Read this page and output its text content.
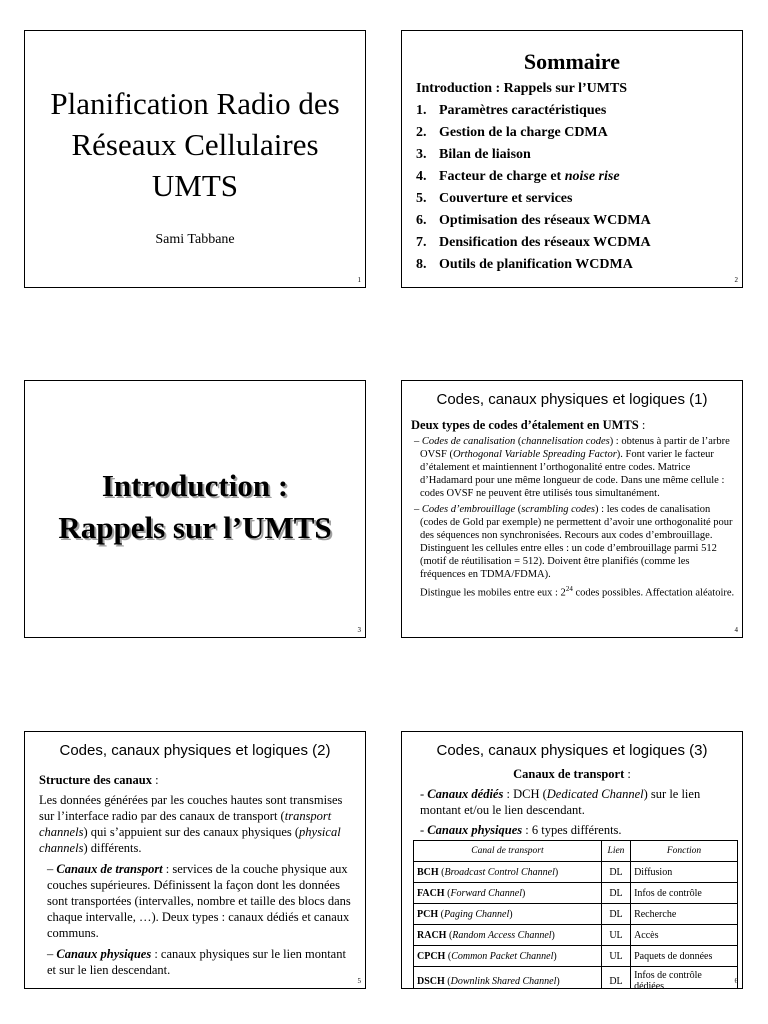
Planification Radio des Réseaux Cellulaires UMTS
Sami Tabbane
1
Sommaire
Introduction : Rappels sur l’UMTS
1. Paramètres caractéristiques
2. Gestion de la charge CDMA
3. Bilan de liaison
4. Facteur de charge et noise rise
5. Couverture et services
6. Optimisation des réseaux WCDMA
7. Densification des réseaux WCDMA
8. Outils de planification WCDMA
2
Introduction :
Rappels sur l’UMTS
3
Codes, canaux physiques et logiques (1)
Deux types de codes d’étalement en UMTS :
– Codes de canalisation (channelisation codes) : obtenus à partir de l’arbre OVSF (Orthogonal Variable Spreading Factor). Font varier le facteur d’étalement et maintiennent l’orthogonalité entre codes. Matrice d’Hadamard pour une même longueur de code. Dans une même cellule : codes OVSF ne peuvent être utilisés tous simultanément.
– Codes d’embrouillage (scrambling codes) : les codes de canalisation (codes de Gold par exemple) ne permettent d’avoir une orthogonalité pour des séquences non synchronisées. Recours aux codes d’embrouillage. Distinguent les cellules entre elles : un code d’embrouillage parmi 512 (motif de réutilisation = 512). Doivent être planifiés (comme les fréquences en TDMA/FDMA).
Distingue les mobiles entre eux : $2^{24}$ codes possibles. Affectation aléatoire.
4
Codes, canaux physiques et logiques (2)
Structure des canaux :
Les données générées par les couches hautes sont transmises sur l’interface radio par des canaux de transport (transport channels) qui s’appuient sur des canaux physiques (physical channels) différents.
– Canaux de transport : services de la couche physique aux couches supérieures. Définissent la façon dont les données sont transportées (intervalles, nombre et taille des blocs dans chaque intervalle, …). Deux types : canaux dédiés et canaux communs.
– Canaux physiques : canaux physiques sur le lien montant et sur le lien descendant.
5
Codes, canaux physiques et logiques (3)
Canaux de transport :
- Canaux dédiés : DCH (Dedicated Channel) sur le lien montant et/ou le lien descendant.
- Canaux physiques : 6 types différents.
Canal de transport	Lien	Fonction
BCH (Broadcast Control Channel)	DL	Diffusion
FACH (Forward Channel)	DL	Infos de contrôle
PCH (Paging Channel)	DL	Recherche
RACH (Random Access Channel)	UL	Accès
CPCH (Common Packet Channel)	UL	Paquets de données
DSCH (Downlink Shared Channel)	DL	Infos de contrôle dédiées	6
